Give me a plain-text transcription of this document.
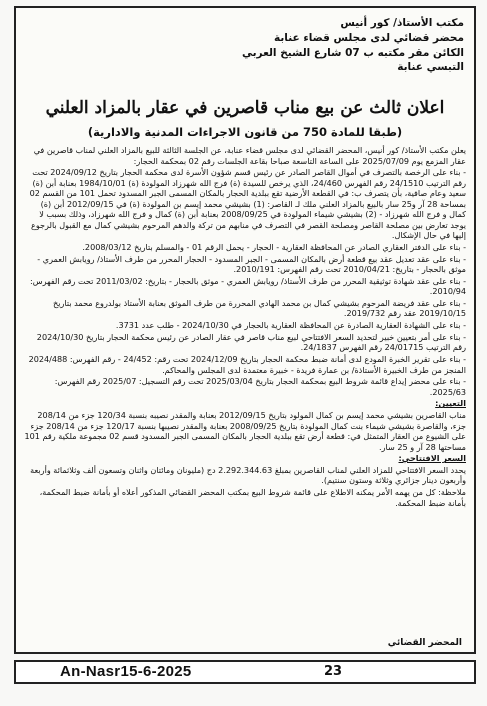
مكتب الأستاذ/ كور أنيس
محضر قضائي لدى مجلس قضاء عنابة
الكائن مقر مكتبه ب 07 شارع الشيخ العربي التبسي عنابة
اعلان ثالث عن بيع مناب قاصرين في عقار بالمزاد العلني
(طبقا للمادة 750 من قانون الاجراءات المدنية والادارية)

يعلن مكتب الأستاذ/ كور أنيس، المحضر القضائي لدى مجلس قضاء عنابة، عن الجلسة الثالثة للبيع بالمزاد العلني لمناب قاصرين في عقار المزمع يوم 2025/07/09 على الساعة التاسعة صباحا بقاعة الجلسات رقم 02 بمحكمة الحجار:

- بناء على الرخصة بالتصرف في أموال القاصر الصادر عن رئيس قسم شؤون الأسرة لدى محكمة الحجار بتاريخ 2024/09/12 تحت رقم الترتيب 24/1510 رقم الفهرس 24/460، الذي يرخص للسيدة (ة) فرج الله شهرزاد المولودة (ة) 1984/10/01 بعنابة أبن (ة) سعيد وعام صافية، بأن يتصرف ب: في القطعة الأرضية تقع ببلدية الحجار بالمكان المسمى الجبر المسدود تحمل 101 من القسم 02 بمساحة 28 آر و25 سار بالبيع بالمزاد العلني ملك لـ القاصر: (1) بشيشي محمد إيسم بن المولودة (ة) في 2012/09/15 أبن (ة) كمال و فرج الله شهرزاد - (2) بشيشي شيماء المولودة في 2008/09/25 بعنابة أبن (ة) كمال و فرج الله شهرزاد، وذلك بسبب لا يوجد تعارض بين مصلحة القاصر ومصلحة القصر في التصرف في منابهم من تركة والدهم المرحوم بشيشي كمال مع القبول بالرجوع إليها في حال الإشكال.

- بناء على الدفتر العقاري الصادر عن المحافظة العقارية - الحجار - يحمل الرقم 01 - والمسلم بتاريخ 2008/03/12.

- بناء على عقد تعديل عقد بيع قطعة أرض بالمكان المسمى - الجبر المسدود - الحجار المحرر من طرف الأستاذ/ رويابش العمري - موثق بالحجار - بتاريخ: 2010/04/21 تحت رقم الفهرس: 2010/191.

- بناء على عقد شهادة توثيقية المحرر من طرف الأستاذ/ رويابش العمري - موثق بالحجار - بتاريخ: 2011/03/02 تحت رقم الفهرس: 2010/94.

- بناء على عقد فريضة المرحوم بشيشي كمال بن محمد الهادي المحررة من طرف الموثق بعنابة الأستاذ بولدروع محمد بتاريخ 2019/10/15 عقد رقم 2019/732.

- بناء على الشهادة العقارية الصادرة عن المحافظة العقارية بالحجار في 2024/10/30 - طلب عدد 3731.

- بناء على أمر بتعيين خبير لتحديد السعر الافتتاحي لبيع مناب قاصر في عقار الصادر عن رئيس محكمة الحجار بتاريخ 2024/10/30 رقم الترتيب 24/01715 رقم الفهرس 24/1837.

- بناء على تقرير الخبرة المودع لدى أمانة ضبط محكمة الحجار بتاريخ 2024/12/09 تحت رقم: 24/452 - رقم الفهرس: 2024/488 المنجز من طرف الخبيرة الأستاذة/ بن عمارة فريدة - خبيرة معتمدة لدى المجلس والمحاكم.

- بناء على محضر إيداع قائمة شروط البيع بمحكمة الحجار بتاريخ 2025/03/04 تحت رقم التسجيل: 2025/07 رقم الفهرس: 2025/63.

التعيين:

مناب القاصرين بشيشي محمد إيسم بن كمال المولود بتاريخ 2012/09/15 بعنابة والمقدر نصيبه بنسبة 120/34 جزء من 208/14 جزء، والقاصرة بشيشي شيماء بنت كمال المولودة بتاريخ 2008/09/25 بعنابة والمقدر نصيبها بنسبة 120/17 جزء من 208/14 جزء على الشيوع من العقار المتمثل في: قطعة أرض تقع ببلدية الحجار بالمكان المسمى الجبر المسدود قسم 02 مجموعة ملكية رقم 101 مساحتها 28 آر و 25 سار.

السعر الافتتاحي:

يحدد السعر الافتتاحي للمزاد العلني لمناب القاصرين بمبلغ 2.292.344.63 دج (مليونان ومائتان واثنان وتسعون ألف وثلاثمائة وأربعة وأربعون دينار جزائري وثلاثة وستون سنتيم).

ملاحظة: كل من يهمه الأمر يمكنه الاطلاع على قائمة شروط البيع بمكتب المحضر القضائي المذكور أعلاه أو بأمانة ضبط المحكمة، بأمانة ضبط المحكمة.

المحضر القضائي
An-Nasr15-6-2025	23
